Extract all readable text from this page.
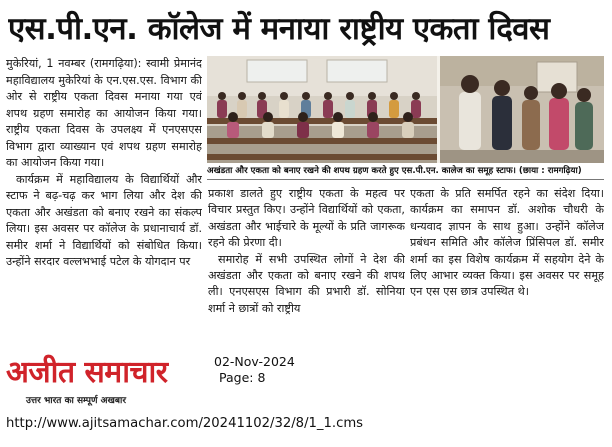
एस.पी.एन. कॉलेज में मनाया राष्ट्रीय एकता दिवस

मुकेरियां, 1 नवम्बर (रामगढ़िया): स्वामी प्रेमानंद महाविद्यालय मुकेरियां के एन.एस.एस. विभाग की ओर से राष्ट्रीय एकता दिवस मनाया गया एवं शपथ ग्रहण समारोह का आयोजन किया गया। राष्ट्रीय एकता दिवस के उपलक्ष्य में एनएसएस विभाग द्वारा व्याख्यान एवं शपथ ग्रहण समारोह का आयोजन किया गया।

कार्यक्रम में महाविद्यालय के विद्यार्थियों और स्टाफ ने बढ़-चढ़ कर भाग लिया और देश की एकता और अखंडता को बनाए रखने का संकल्प लिया। इस अवसर पर कॉलेज के प्रधानाचार्य डॉ. समीर शर्मा ने विद्यार्थियों को संबोधित किया। उन्होंने सरदार वल्लभभाई पटेल के योगदान पर

अखंडता और एकता को बनाए रखने की शपथ ग्रहण करते हुए एस.पी.एन. कालेज का समूह स्टाफ। (छाया : रामगढ़िया)

प्रकाश डालते हुए राष्ट्रीय एकता के महत्व पर विचार प्रस्तुत किए। उन्होंने विद्यार्थियों को एकता, अखंडता और भाईचारे के मूल्यों के प्रति जागरूक रहने की प्रेरणा दी।

समारोह में सभी उपस्थित लोगों ने देश की अखंडता और एकता को बनाए रखने की शपथ ली। एनएसएस विभाग की प्रभारी डॉ. सोनिया शर्मा ने छात्रों को राष्ट्रीय

एकता के प्रति समर्पित रहने का संदेश दिया। कार्यक्रम का समापन डॉ. अशोक चौधरी के धन्यवाद ज्ञापन के साथ हुआ। उन्होंने कॉलेज प्रबंधन समिति और कॉलेज प्रिंसिपल डॉ. समीर शर्मा का इस विशेष कार्यक्रम में सहयोग देने के लिए आभार व्यक्त किया। इस अवसर पर समूह एन एस एस छात्र उपस्थित थे।

अजीत समाचार
उत्तर भारत का सम्पूर्ण अखबार
02-Nov-2024
Page: 8
http://www.ajitsamachar.com/20241102/32/8/1_1.cms
